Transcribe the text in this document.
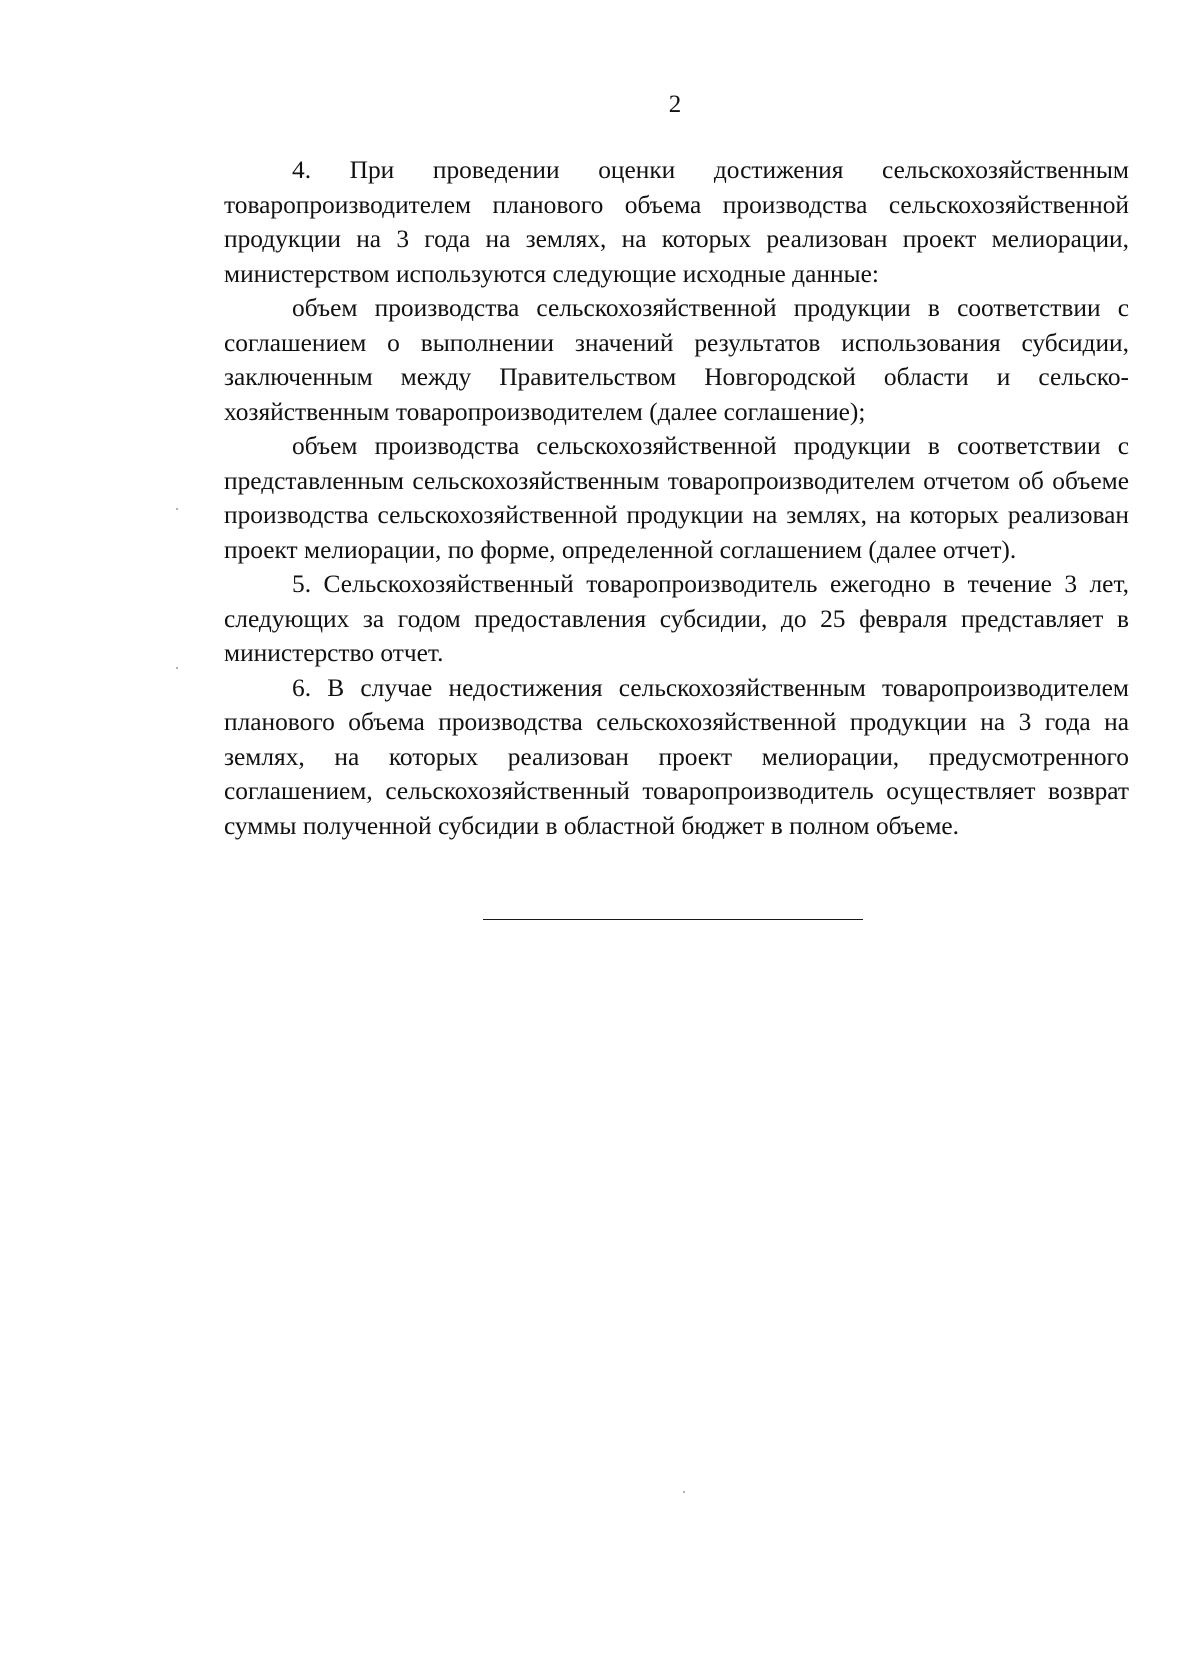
2

4. При проведении оценки достижения сельскохозяйственным товаропроизводителем планового объема производства сельскохозяйственной продукции на 3 года на землях, на которых реализован проект мелиорации, министерством используются следующие исходные данные:

объем производства сельскохозяйственной продукции в соответствии с соглашением о выполнении значений результатов использования субсидии, заключенным между Правительством Новгородской области и сельско-хозяйственным товаропроизводителем (далее соглашение);

объем производства сельскохозяйственной продукции в соответствии с представленным сельскохозяйственным товаропроизводителем отчетом об объеме производства сельскохозяйственной продукции на землях, на которых реализован проект мелиорации, по форме, определенной соглашением (далее отчет).

5. Сельскохозяйственный товаропроизводитель ежегодно в течение 3 лет, следующих за годом предоставления субсидии, до 25 февраля представляет в министерство отчет.

6. В случае недостижения сельскохозяйственным товаропроизводителем планового объема производства сельскохозяйственной продукции на 3 года на землях, на которых реализован проект мелиорации, предусмотренного соглашением, сельскохозяйственный товаропроизводитель осуществляет возврат суммы полученной субсидии в областной бюджет в полном объеме.
